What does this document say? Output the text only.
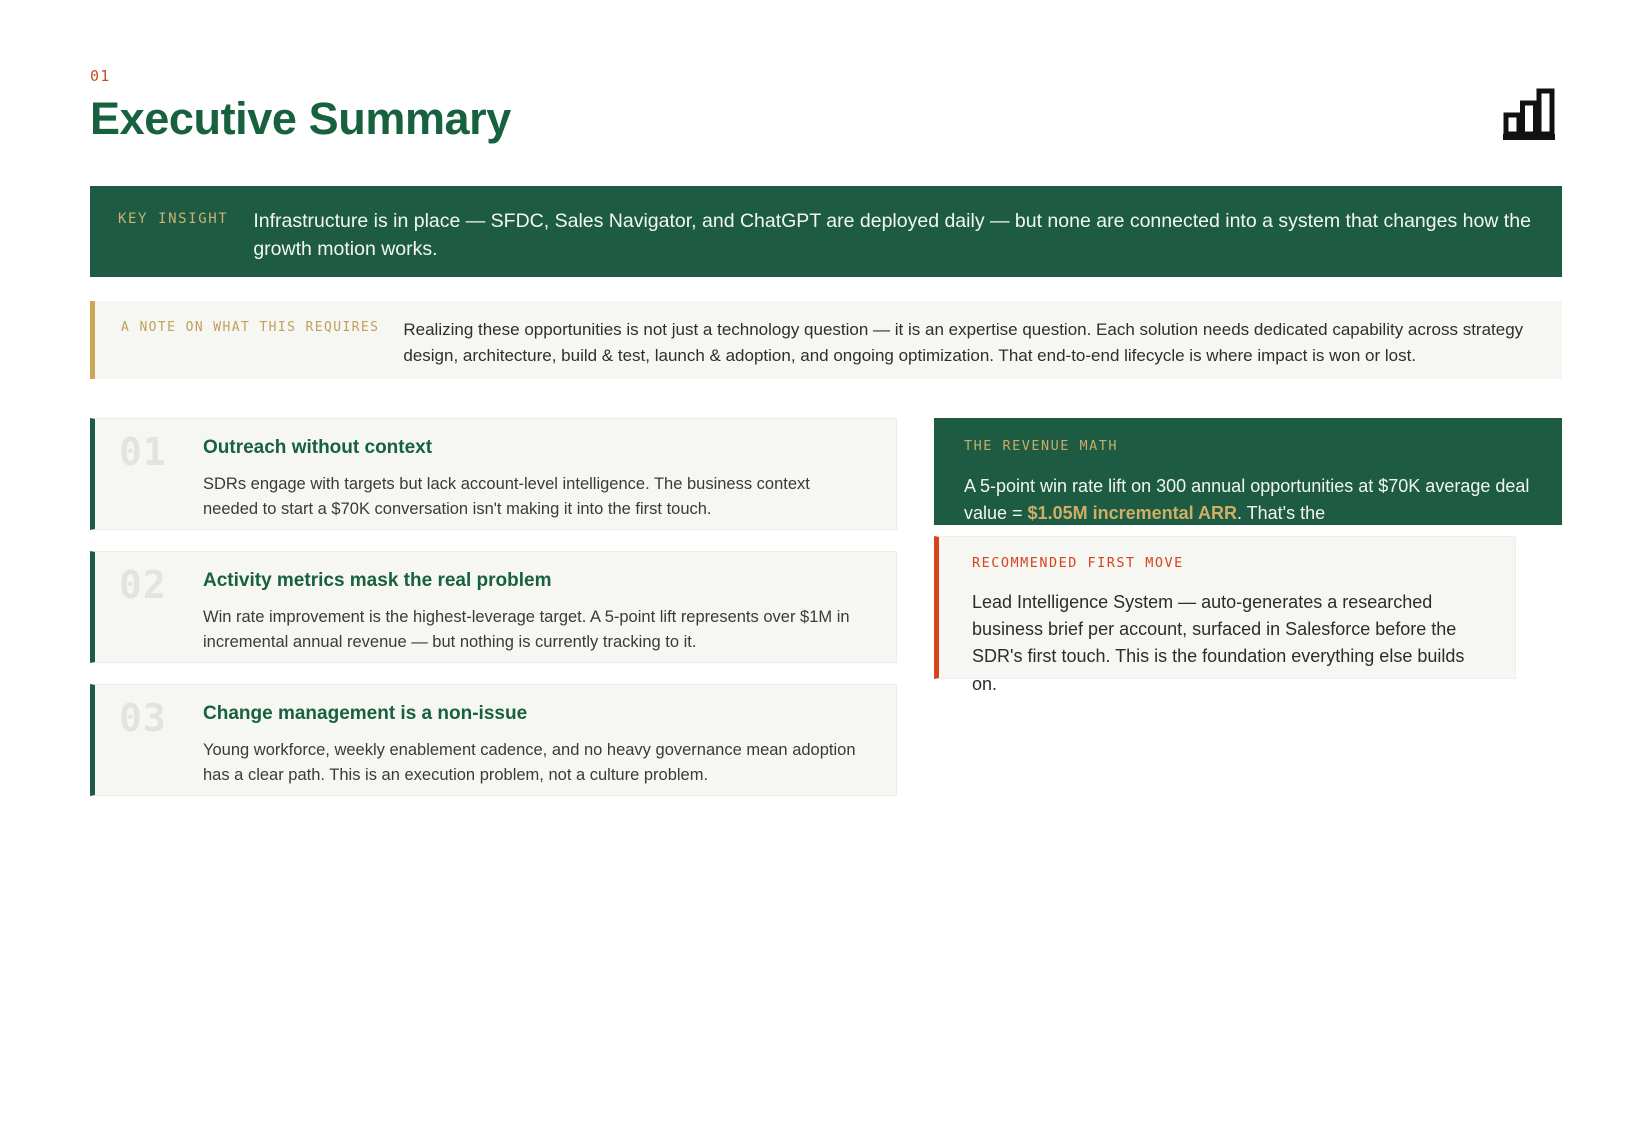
01
Executive Summary
KEY INSIGHT Infrastructure is in place — SFDC, Sales Navigator, and ChatGPT are deployed daily — but none are connected into a system that changes how the growth motion works.
A NOTE ON WHAT THIS REQUIRES Realizing these opportunities is not just a technology question — it is an expertise question. Each solution needs dedicated capability across strategy design, architecture, build & test, launch & adoption, and ongoing optimization. That end-to-end lifecycle is where impact is won or lost.
01 Outreach without context
SDRs engage with targets but lack account-level intelligence. The business context needed to start a $70K conversation isn't making it into the first touch.
02 Activity metrics mask the real problem
Win rate improvement is the highest-leverage target. A 5-point lift represents over $1M in incremental annual revenue — but nothing is currently tracking to it.
03 Change management is a non-issue
Young workforce, weekly enablement cadence, and no heavy governance mean adoption has a clear path. This is an execution problem, not a culture problem.
THE REVENUE MATH
A 5-point win rate lift on 300 annual opportunities at $70K average deal value = $1.05M incremental ARR. That's the
RECOMMENDED FIRST MOVE
Lead Intelligence System — auto-generates a researched business brief per account, surfaced in Salesforce before the SDR's first touch. This is the foundation everything else builds on.
